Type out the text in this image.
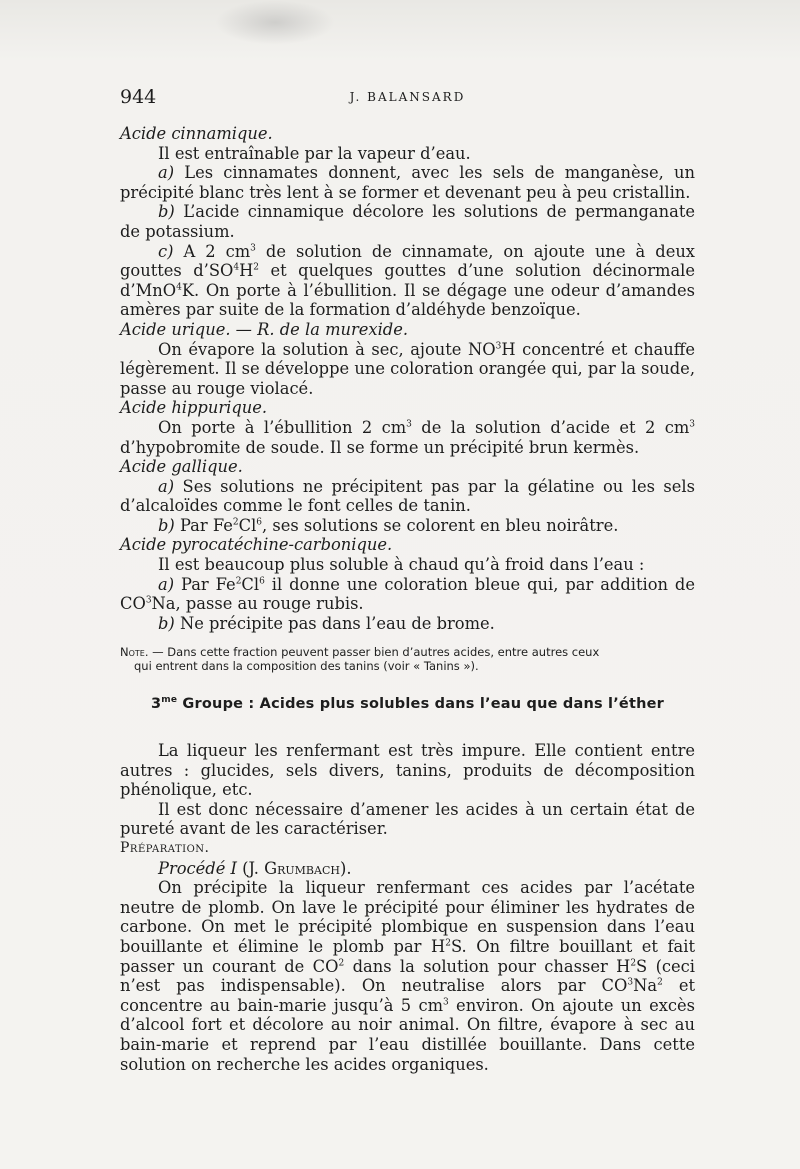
944	J. BALANSARD

Acide cinnamique.

Il est entraînable par la vapeur d’eau.

a) Les cinnamates donnent, avec les sels de manganèse, un précipité blanc très lent à se former et devenant peu à peu cristallin.

b) L’acide cinnamique décolore les solutions de permanganate de potassium.

c) A 2 $cm^3$ de solution de cinnamate, on ajoute une à deux gouttes $d’SO^4H^2$ et quelques gouttes d’une solution décinormale d’MnO$^4$K. On porte à l’ébullition. Il se dégage une odeur d’amandes amères par suite de la formation d’aldéhyde benzoïque.

Acide urique. — R. de la murexide.

On évapore la solution à sec, ajoute $NO^3H$ concentré et chauffe légèrement. Il se développe une coloration orangée qui, par la soude, passe au rouge violacé.

Acide hippurique.

On porte à l’ébullition 2 $cm^3$ de la solution d’acide et 2 $cm^3$ d’hypobromite de soude. Il se forme un précipité brun kermès.

Acide gallique.

a) Ses solutions ne précipitent pas par la gélatine ou les sels d’alcaloïdes comme le font celles de tanin.

b) Par Fe$^2$Cl$^6$, ses solutions se colorent en bleu noirâtre.

Acide pyrocatéchine-carbonique.

Il est beaucoup plus soluble à chaud qu’à froid dans l’eau :

a) Par Fe$^2$Cl$^6$ il donne une coloration bleue qui, par addition de $CO^3Na$, passe au rouge rubis.

b) Ne précipite pas dans l’eau de brome.

Note. — Dans cette fraction peuvent passer bien d’autres acides, entre autres ceux
qui entrent dans la composition des tanins (voir « Tanins »).
$3^{me}$ Groupe : Acides plus solubles dans l’eau que dans l’éther

La liqueur les renfermant est très impure. Elle contient entre autres : glucides, sels divers, tanins, produits de décomposition phénolique, etc.

Il est donc nécessaire d’amener les acides à un certain état de pureté avant de les caractériser.

Préparation.

Procédé I (J. Grumbach).

On précipite la liqueur renfermant ces acides par l’acétate neutre de plomb. On lave le précipité pour éliminer les hydrates de carbone. On met le précipité plombique en suspension dans l’eau bouillante et élimine le plomb par $H^2S$. On filtre bouillant et fait passer un courant de $CO^2$ dans la solution pour chasser $H^2S$ (ceci n’est pas indispensable). On neutralise alors par $CO^3Na^2$ et concentre au bain-marie jusqu’à 5 $cm^3$ environ. On ajoute un excès d’alcool fort et décolore au noir animal. On filtre, évapore à sec au bain-marie et reprend par l’eau distillée bouillante. Dans cette solution on recherche les acides organiques.
